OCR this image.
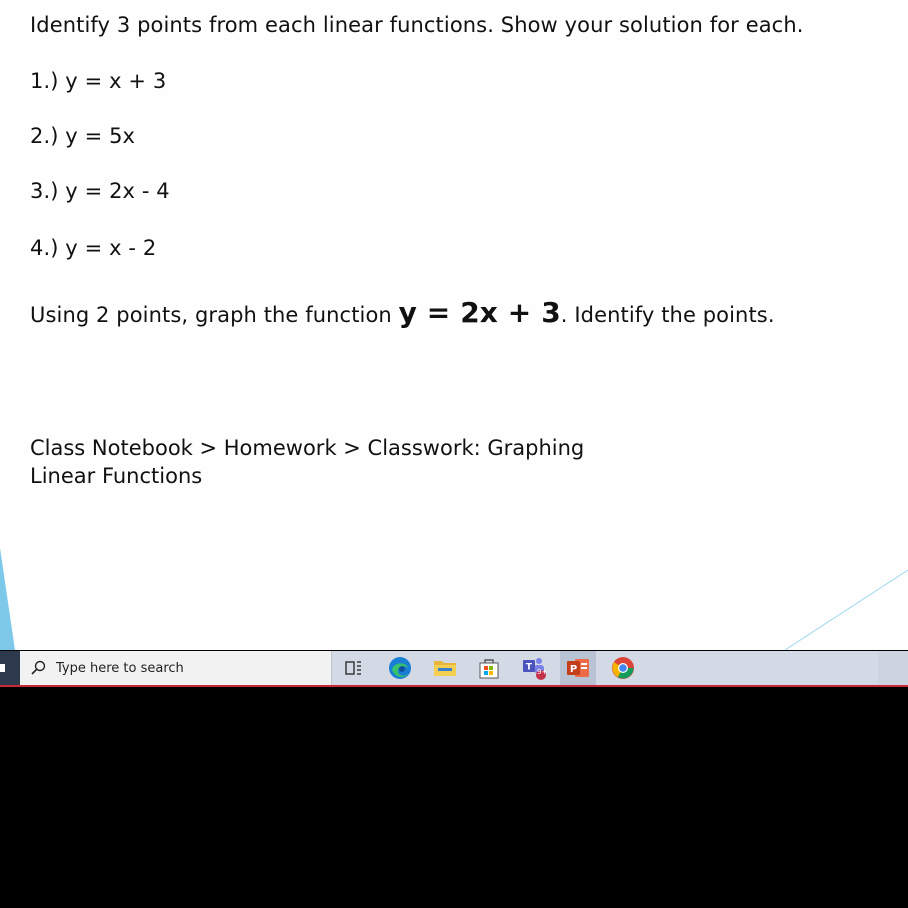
Identify 3 points from each linear functions. Show your solution for each.
1.) y = x + 3
2.) y = 5x
3.) y = 2x - 4
4.) y = x - 2
Using 2 points, graph the function y = 2x + 3. Identify the points.
Class Notebook > Homework > Classwork: Graphing
Linear Functions
Type here to search	T 9+ P
